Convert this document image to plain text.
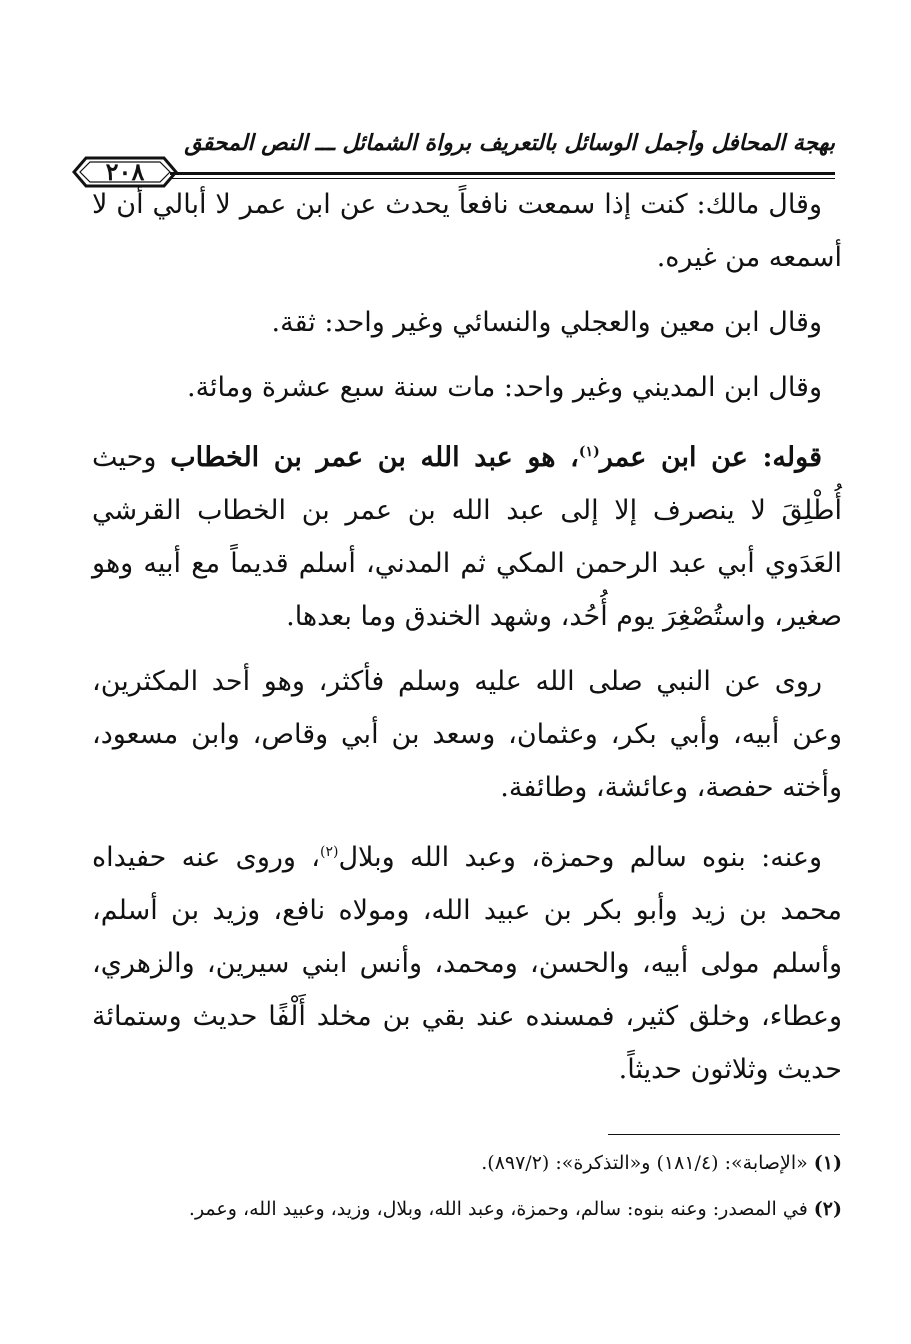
بهجة المحافل وأجمل الوسائل بالتعريف برواة الشمائل ـــ النص المحقق
٢٠٨

وقال مالك: كنت إذا سمعت نافعاً يحدث عن ابن عمر لا أبالي أن لا أسمعه من غيره.

وقال ابن معين والعجلي والنسائي وغير واحد: ثقة.

وقال ابن المديني وغير واحد: مات سنة سبع عشرة ومائة.

قوله: عن ابن عمر$^{(١)}$، هو عبد الله بن عمر بن الخطاب وحيث أُطْلِقَ لا ينصرف إلا إلى عبد الله بن عمر بن الخطاب القرشي العَدَوي أبي عبد الرحمن المكي ثم المدني، أسلم قديماً مع أبيه وهو صغير، واستُصْغِرَ يوم أُحُد، وشهد الخندق وما بعدها.

روى عن النبي صلى الله عليه وسلم فأكثر، وهو أحد المكثرين، وعن أبيه، وأبي بكر، وعثمان، وسعد بن أبي وقاص، وابن مسعود، وأخته حفصة، وعائشة، وطائفة.

وعنه: بنوه سالم وحمزة، وعبد الله وبلال$^{(٢)}$، وروى عنه حفيداه محمد بن زيد وأبو بكر بن عبيد الله، ومولاه نافع، وزيد بن أسلم، وأسلم مولى أبيه، والحسن، ومحمد، وأنس ابني سيرين، والزهري، وعطاء، وخلق كثير، فمسنده عند بقي بن مخلد أَلْفًا حديث وستمائة حديث وثلاثون حديثاً.

(١)«الإصابة»: (١٨١/٤) و«التذكرة»: (٨٩٧/٢).
(٢)في المصدر: وعنه بنوه: سالم، وحمزة، وعبد الله، وبلال، وزيد، وعبيد الله، وعمر.
